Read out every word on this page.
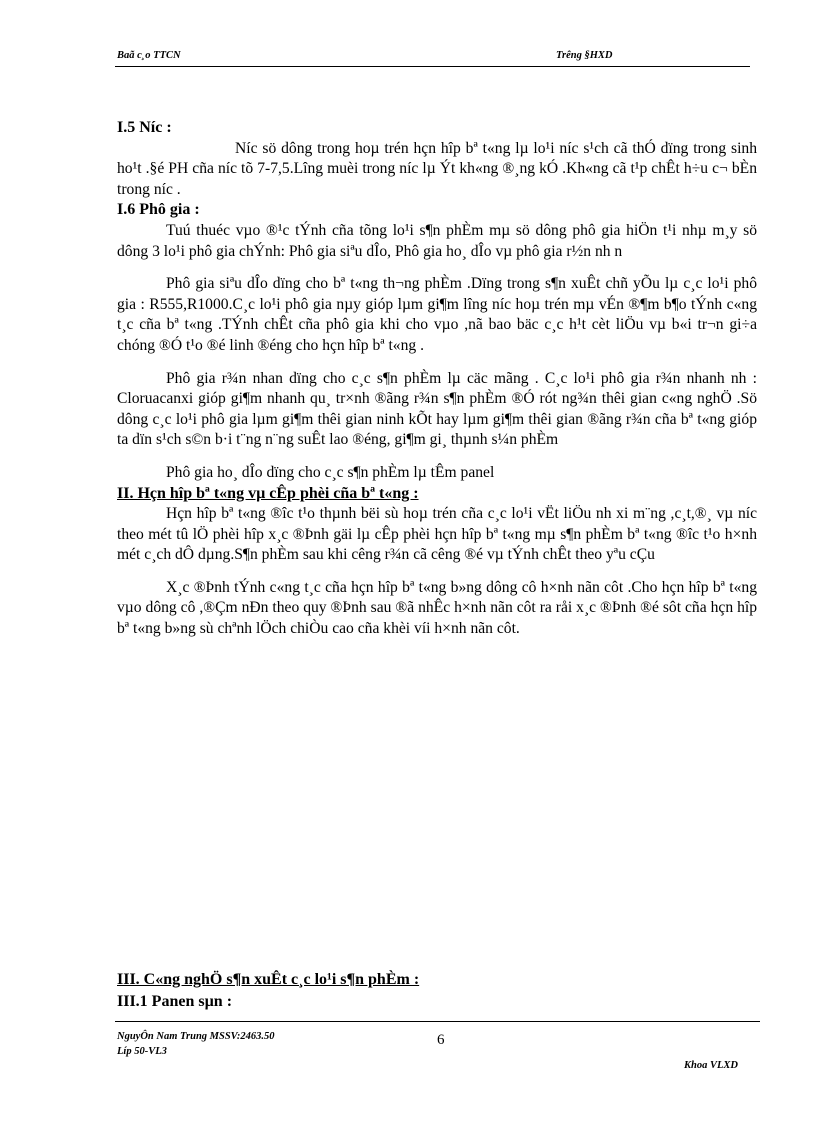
Baã c¸o TTCN	Trêng §HXD

I.5 Níc :

Níc sö dông trong hoµ trén hçn hîp bª t«ng lµ lo¹i níc s¹ch cã thÓ dïng trong sinh ho¹t .§é PH cña níc tõ 7-7,5.Lîng muèi trong níc lµ Ýt kh«ng ®¸ng kÓ .Kh«ng cã t¹p chÊt h÷u c¬ bÈn trong níc .

I.6 Phô gia :

Tuú thuéc vµo ®¹c tÝnh cña tõng lo¹i s¶n phÈm mµ sö dông phô gia hiÖn t¹i nhµ m¸y sö dông 3 lo¹i phô gia chÝnh: Phô gia siªu dÎo, Phô gia ho¸ dÎo vµ phô gia r½n nh n

Phô gia siªu dÎo dïng cho bª t«ng th¬ng phÈm .Dïng trong s¶n xuÊt chñ yÕu lµ c¸c lo¹i phô gia : R555,R1000.C¸c lo¹i phô gia nµy gióp lµm gi¶m lîng níc hoµ trén mµ vÉn ®¶m b¶o tÝnh c«ng t¸c cña bª t«ng .TÝnh chÊt cña phô gia khi cho vµo ,nã bao bäc c¸c h¹t cèt liÖu vµ b«i tr¬n gi÷a chóng ®Ó t¹o ®é linh ®éng cho hçn hîp bª t«ng .

Phô gia r¾n nhan dïng cho c¸c s¶n phÈm lµ cäc mãng . C¸c lo¹i phô gia r¾n nhanh nh : Cloruacanxi gióp gi¶m nhanh qu¸ tr×nh ®ãng r¾n s¶n phÈm ®Ó rót ng¾n thêi gian c«ng nghÖ .Sö dông c¸c lo¹i phô gia lµm gi¶m thêi gian ninh kÕt hay lµm gi¶m thêi gian ®ãng r¾n cña bª t«ng gióp ta dïn s¹ch s©n b·i t¨ng n¨ng suÊt lao ®éng, gi¶m gi¸ thµnh s¼n phÈm

Phô gia ho¸ dÎo dïng cho c¸c s¶n phÈm lµ tÊm panel

II. Hçn hîp bª t«ng vµ cÊp phèi cña bª t«ng :

Hçn hîp bª t«ng ®îc t¹o thµnh bëi sù hoµ trén cña c¸c lo¹i vËt liÖu nh xi m¨ng ,c¸t,®¸ vµ níc theo mét tû lÖ phèi hîp x¸c ®Þnh gäi lµ cÊp phèi hçn hîp bª t«ng mµ s¶n phÈm bª t«ng ®îc t¹o h×nh mét c¸ch dÔ dµng.S¶n phÈm sau khi cêng r¾n cã cêng ®é vµ tÝnh chÊt theo yªu cÇu

X¸c ®Þnh tÝnh c«ng t¸c cña hçn hîp bª t«ng b»ng dông cô h×nh nãn côt .Cho hçn hîp bª t«ng vµo dông cô ,®Çm nÐn theo quy ®Þnh sau ®ã nhÊc h×nh nãn côt ra råi x¸c ®Þnh ®é sôt cña hçn hîp bª t«ng b»ng sù chªnh lÖch chiÒu cao cña khèi víi h×nh nãn côt.

III. C«ng nghÖ s¶n xuÊt c¸c lo¹i s¶n phÈm :

III.1 Panen sµn :

NguyÔn Nam Trung MSSV:2463.50
Líp 50-VL3
6
Khoa VLXD
